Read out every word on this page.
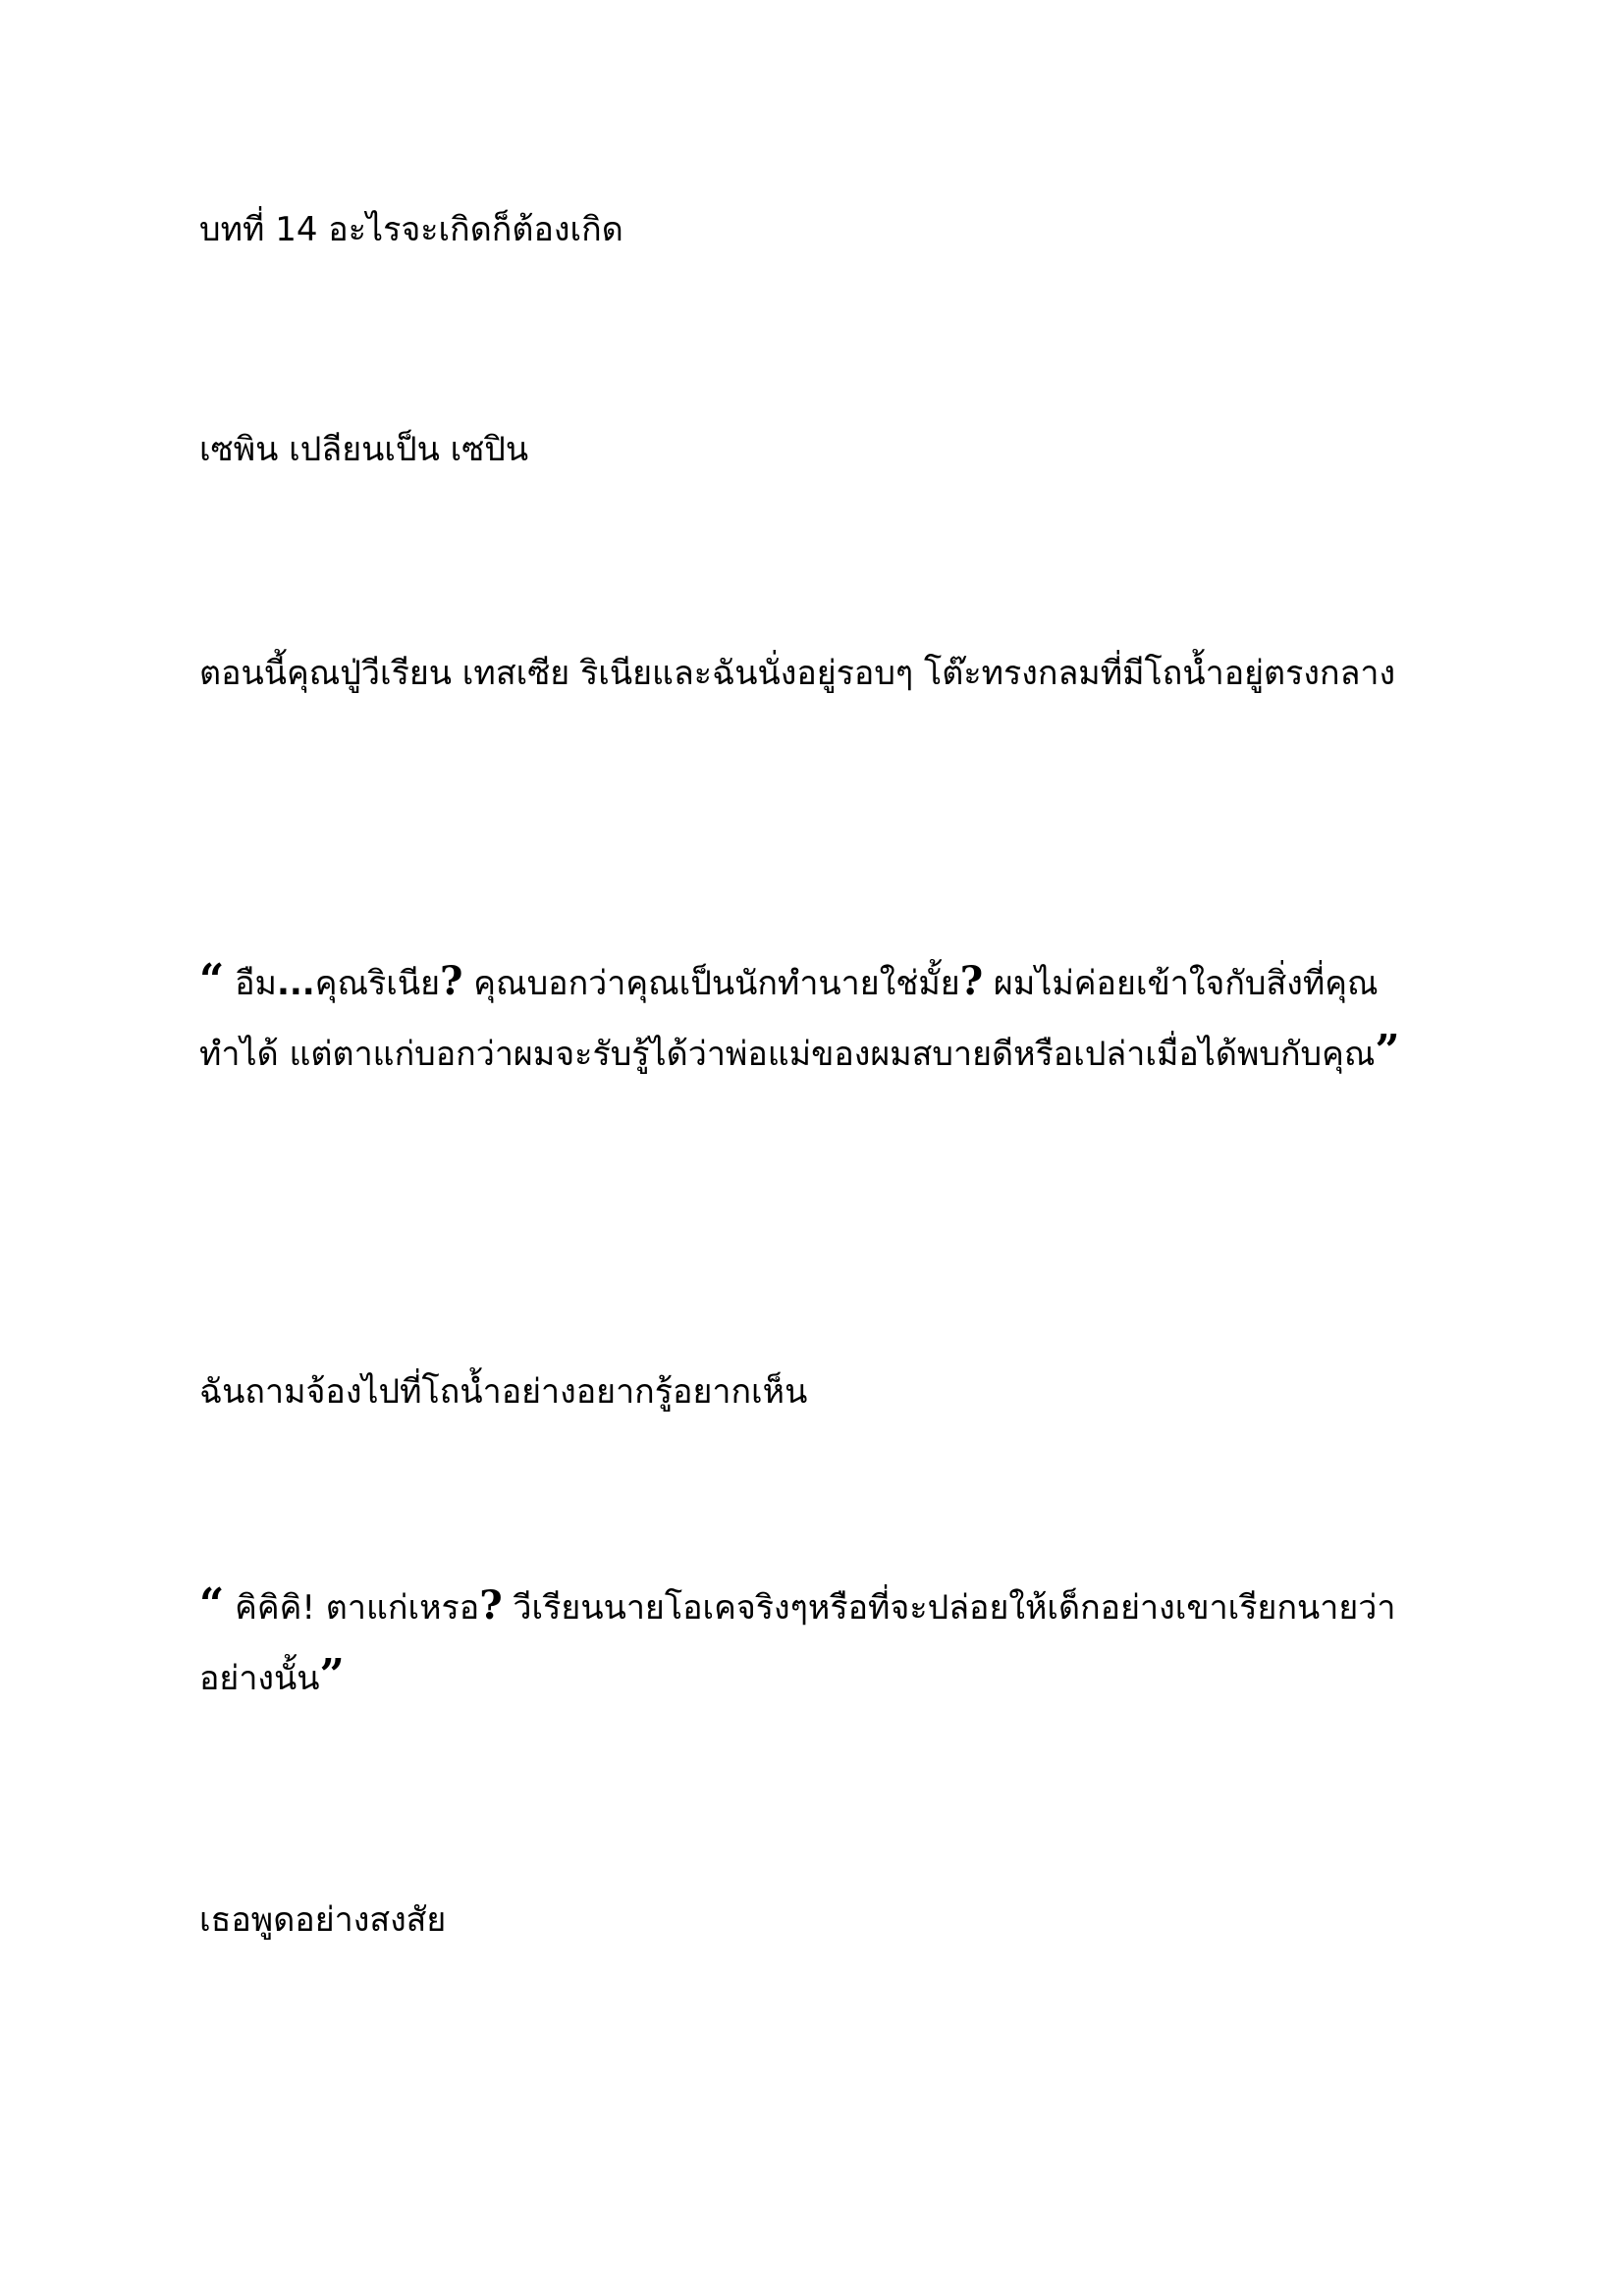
บทที่ 14 อะไรจะเกิดก็ต้องเกิด

เซพิน เปลียนเป็น เซปิน

ตอนนี้คุณปู่วีเรียน เทสเซีย ริเนียและฉันนั่งอยู่รอบๆ โต๊ะทรงกลมที่มีโถน้ำอยู่ตรงกลาง

“ อืม...คุณริเนีย? คุณบอกว่าคุณเป็นนักทำนายใช่มั้ย? ผมไม่ค่อยเข้าใจกับสิ่งที่คุณทำได้ แต่ตาแก่บอกว่าผมจะรับรู้ได้ว่าพ่อแม่ของผมสบายดีหรือเปล่าเมื่อได้พบกับคุณ”

ฉันถามจ้องไปที่โถน้ำอย่างอยากรู้อยากเห็น

“ คิคิคิ! ตาแก่เหรอ? วีเรียนนายโอเคจริงๆหรือที่จะปล่อยให้เด็กอย่างเขาเรียกนายว่าอย่างนั้น”

เธอพูดอย่างสงสัย
